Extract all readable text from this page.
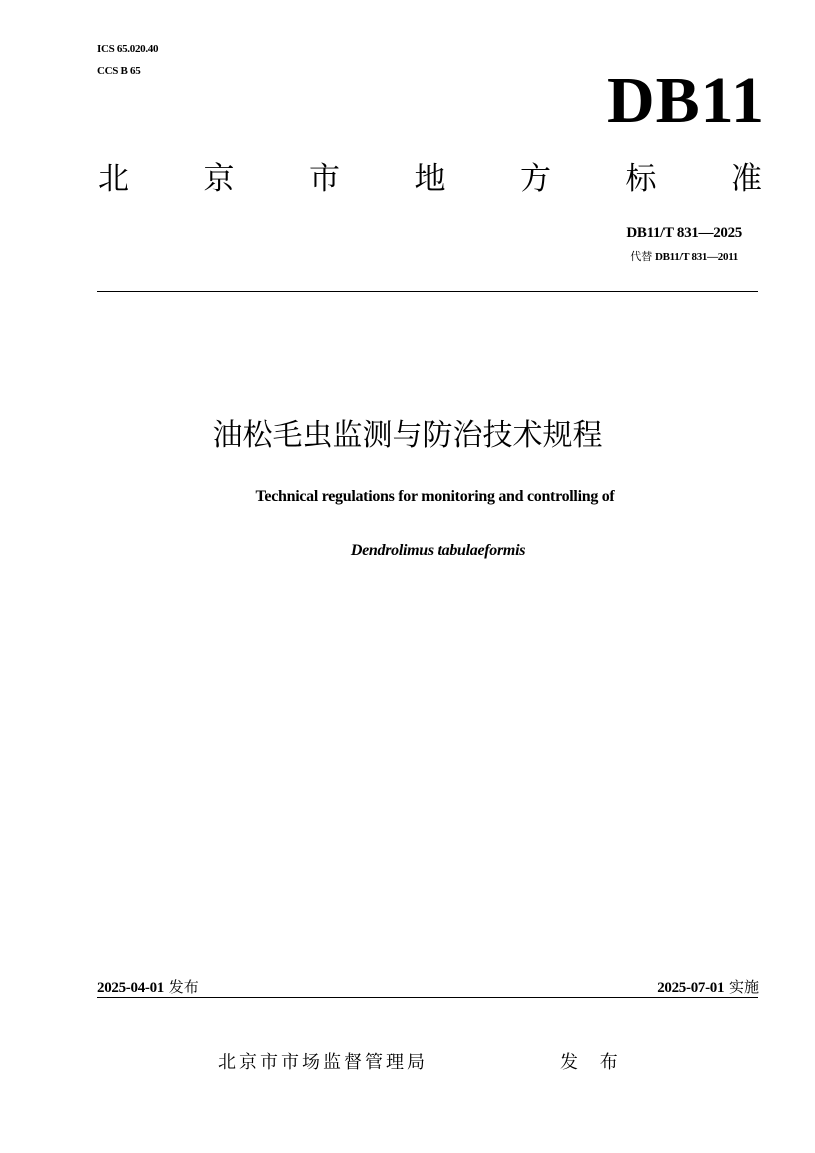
ICS 65.020.40
CCS B 65	DB11
北 京 市 地 方 标 准
DB11/T 831—2025
代替 DB11/T 831—2011
油松毛虫监测与防治技术规程
Technical regulations for monitoring and controlling of
Dendrolimus tabulaeformis
2025-04-01 发布	2025-07-01 实施
北京市市场监督管理局	发 布
